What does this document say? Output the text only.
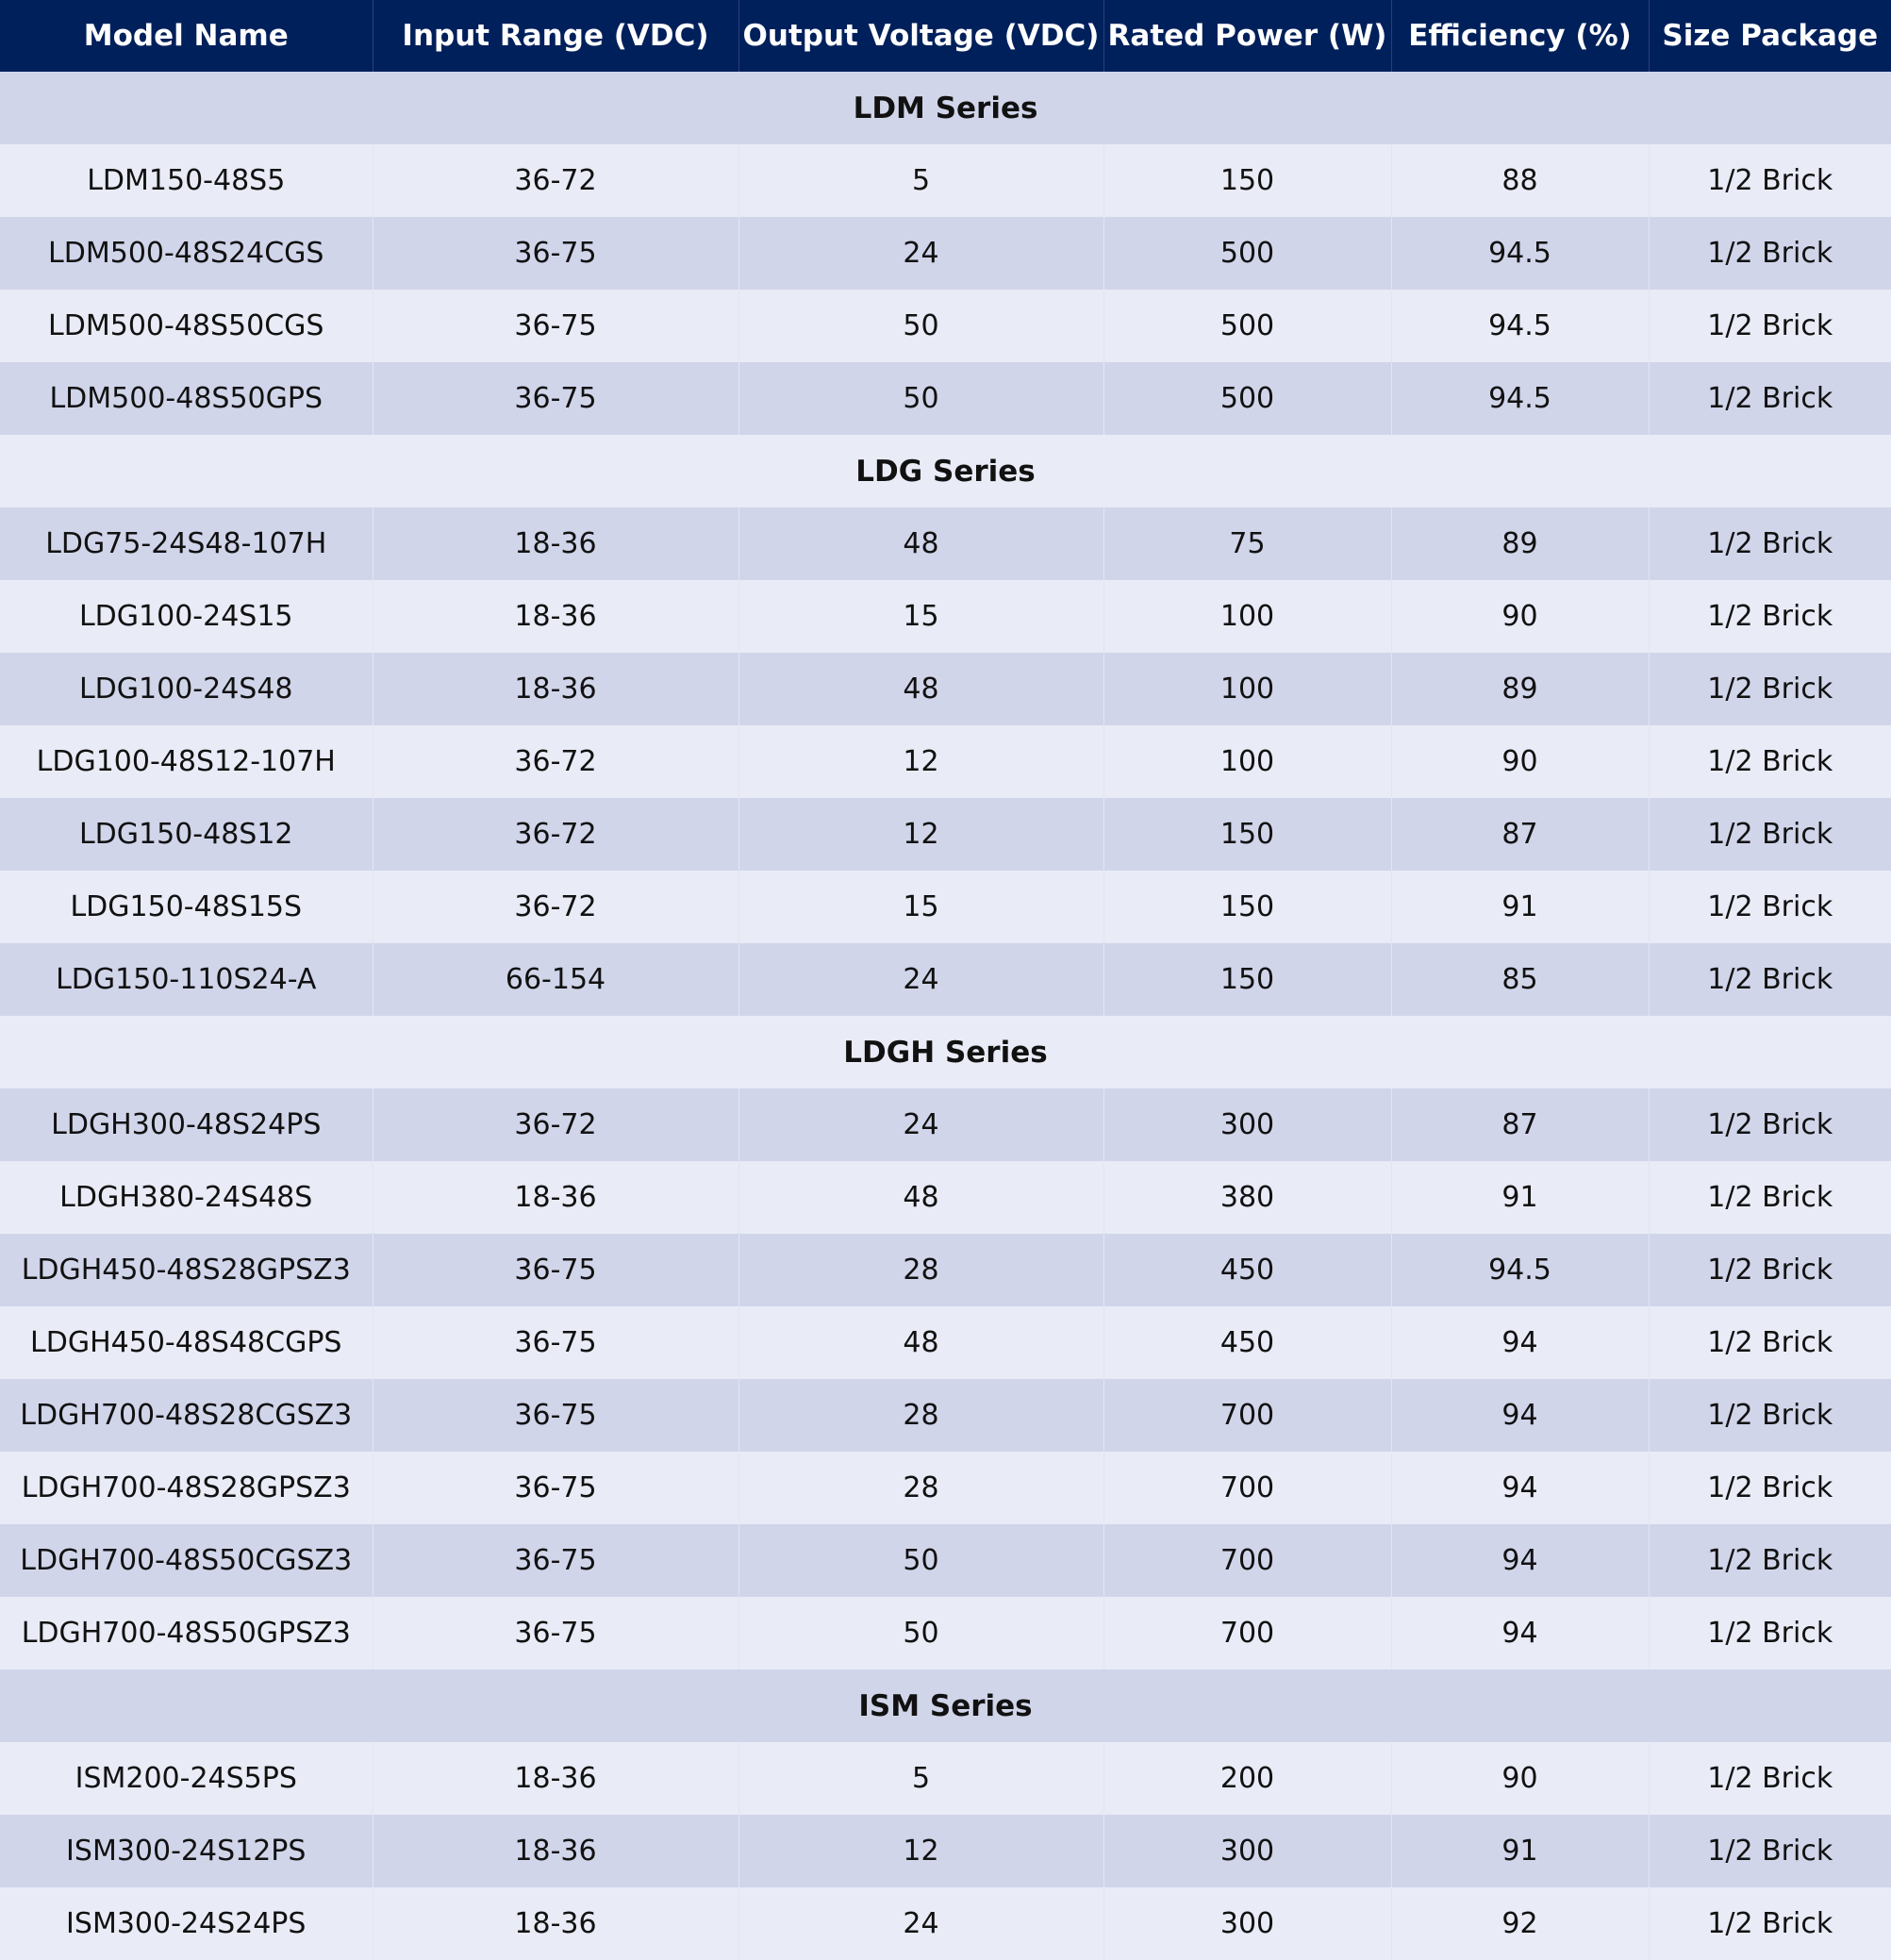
Model Name	Input Range (VDC)	Output Voltage (VDC)	Rated Power (W)	Efficiency (%)	Size Package
LDM Series					
LDM150-48S5	36-72	5	150	88	1/2 Brick
LDM500-48S24CGS	36-75	24	500	94.5	1/2 Brick
LDM500-48S50CGS	36-75	50	500	94.5	1/2 Brick
LDM500-48S50GPS	36-75	50	500	94.5	1/2 Brick
LDG Series					
LDG75-24S48-107H	18-36	48	75	89	1/2 Brick
LDG100-24S15	18-36	15	100	90	1/2 Brick
LDG100-24S48	18-36	48	100	89	1/2 Brick
LDG100-48S12-107H	36-72	12	100	90	1/2 Brick
LDG150-48S12	36-72	12	150	87	1/2 Brick
LDG150-48S15S	36-72	15	150	91	1/2 Brick
LDG150-110S24-A	66-154	24	150	85	1/2 Brick
LDGH Series					
LDGH300-48S24PS	36-72	24	300	87	1/2 Brick
LDGH380-24S48S	18-36	48	380	91	1/2 Brick
LDGH450-48S28GPSZ3	36-75	28	450	94.5	1/2 Brick
LDGH450-48S48CGPS	36-75	48	450	94	1/2 Brick
LDGH700-48S28CGSZ3	36-75	28	700	94	1/2 Brick
LDGH700-48S28GPSZ3	36-75	28	700	94	1/2 Brick
LDGH700-48S50CGSZ3	36-75	50	700	94	1/2 Brick
LDGH700-48S50GPSZ3	36-75	50	700	94	1/2 Brick
ISM Series					
ISM200-24S5PS	18-36	5	200	90	1/2 Brick
ISM300-24S12PS	18-36	12	300	91	1/2 Brick
ISM300-24S24PS	18-36	24	300	92	1/2 Brick
